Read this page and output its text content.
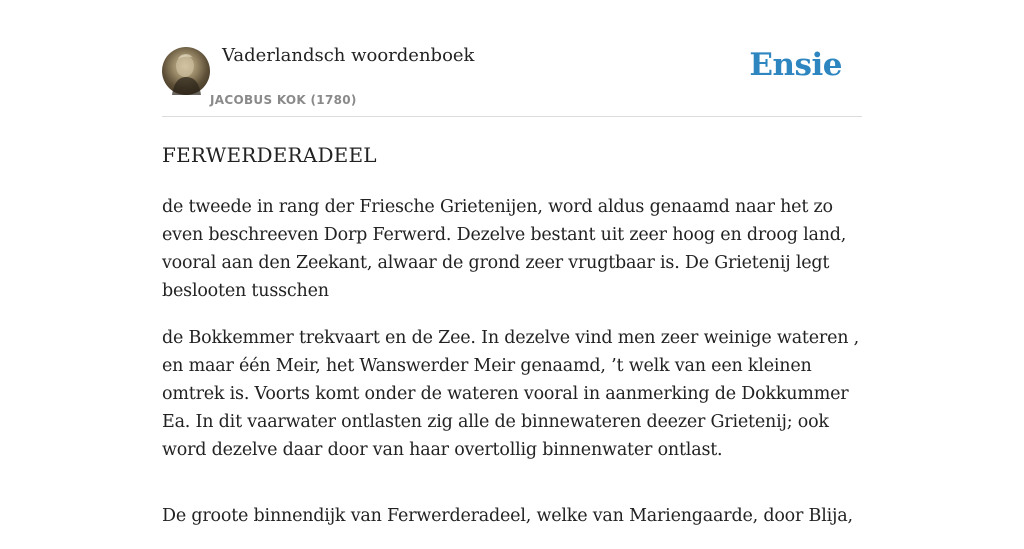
Vaderlandsch woordenboek
JACOBUS KOK (1780)
Ensie
FERWERDERADEEL

de tweede in rang der Friesche Grietenijen, word aldus genaamd naar het zo even beschreeven Dorp Ferwerd. Dezelve bestant uit zeer hoog en droog land, vooral aan den Zeekant, alwaar de grond zeer vrugtbaar is. De Grietenij legt beslooten tusschen

de Bokkemmer trekvaart en de Zee. In dezelve vind men zeer weinige wateren , en maar één Meir, het Wanswerder Meir genaamd, ’t welk van een kleinen omtrek is. Voorts komt onder de wateren vooral in aanmerking de Dokkummer Ea. In dit vaarwater ontlasten zig alle de binnewateren deezer Grietenij; ook word dezelve daar door van haar overtollig binnenwater ontlast.

De groote binnendijk van Ferwerderadeel, welke van Mariengaarde, door Blija,
